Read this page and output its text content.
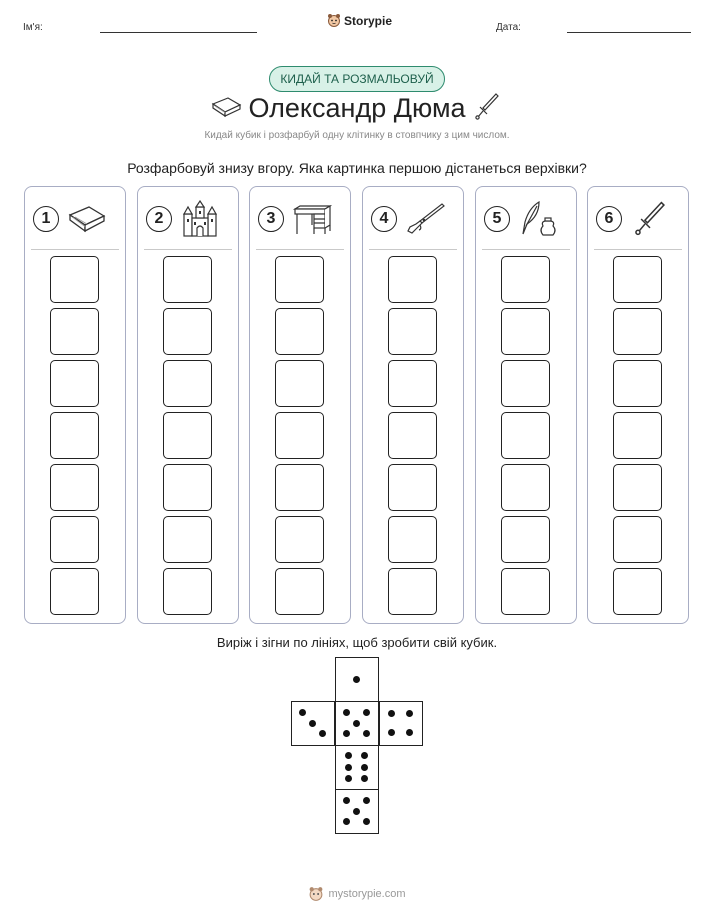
Ім'я:	Storypie	Дата:
КИДАЙ ТА РОЗМАЛЬОВУЙ
Олександр Дюма
Кидай кубик і розфарбуй одну клітинку в стовпчику з цим числом.
Розфарбовуй знизу вгору. Яка картинка першою дістанеться верхівки?
1	2	3	4	5	6
Виріж і зігни по лініях, щоб зробити свій кубик.
mystorypie.com
